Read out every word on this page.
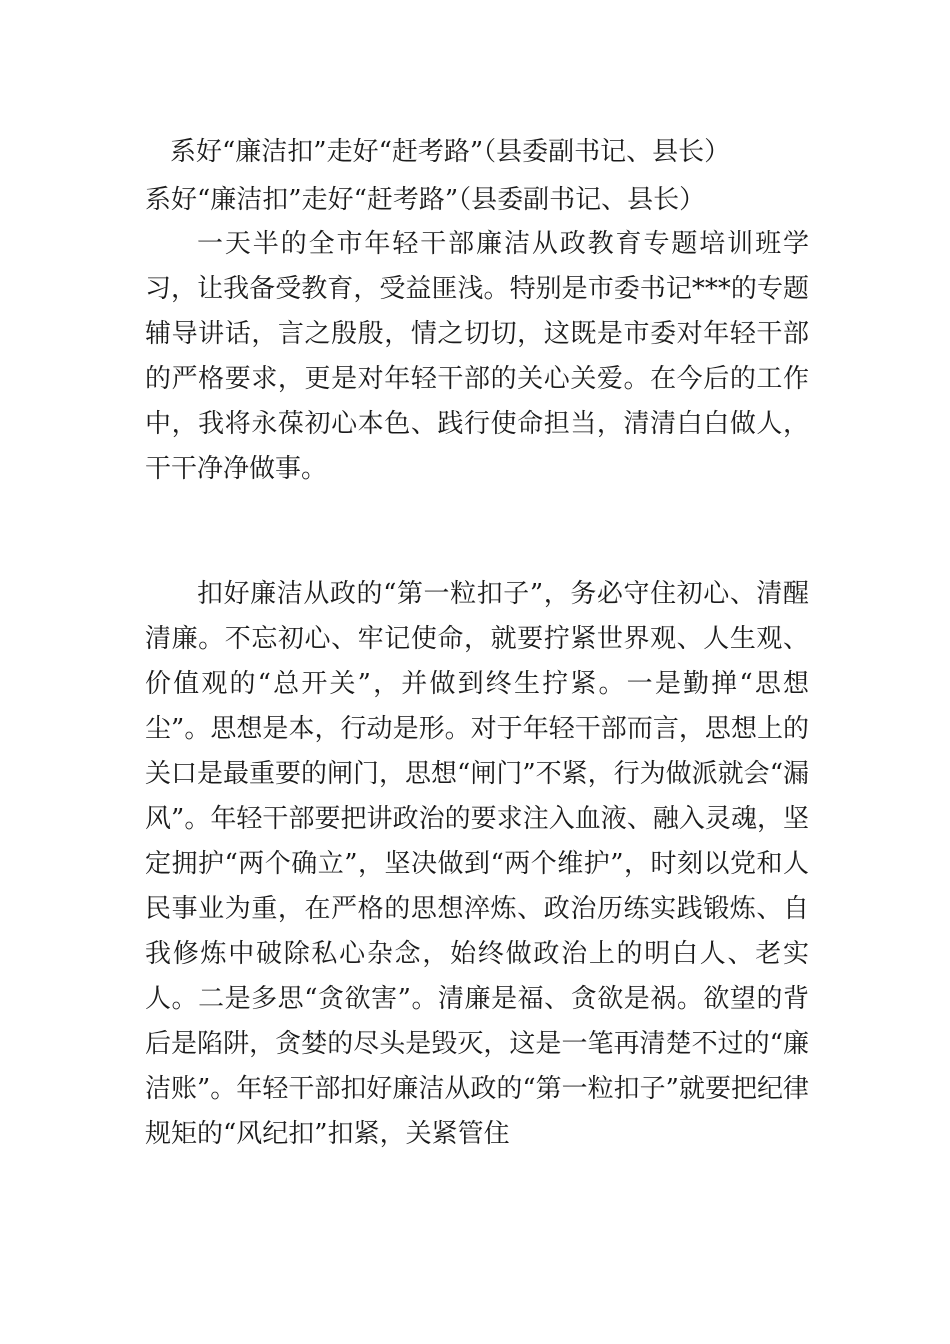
系好“廉洁扣”走好“赶考路”（县委副书记、县长）
系好“廉洁扣”走好“赶考路”（县委副书记、县长）

一天半的全市年轻干部廉洁从政教育专题培训班学习，让我备受教育，受益匪浅。特别是市委书记***的专题辅导讲话，言之殷殷，情之切切，这既是市委对年轻干部的严格要求，更是对年轻干部的关心关爱。在今后的工作中，我将永葆初心本色、践行使命担当，清清白白做人，干干净净做事。

扣好廉洁从政的“第一粒扣子”，务必守住初心、清醒清廉。不忘初心、牢记使命，就要拧紧世界观、人生观、价值观的“总开关”，并做到终生拧紧。一是勤掸“思想尘”。思想是本，行动是形。对于年轻干部而言，思想上的关口是最重要的闸门，思想“闸门”不紧，行为做派就会“漏风”。年轻干部要把讲政治的要求注入血液、融入灵魂，坚定拥护“两个确立”，坚决做到“两个维护”，时刻以党和人民事业为重，在严格的思想淬炼、政治历练实践锻炼、自我修炼中破除私心杂念，始终做政治上的明白人、老实人。二是多思“贪欲害”。清廉是福、贪欲是祸。欲望的背后是陷阱，贪婪的尽头是毁灭，这是一笔再清楚不过的“廉洁账”。年轻干部扣好廉洁从政的“第一粒扣子”就要把纪律规矩的“风纪扣”扣紧，关紧管住
